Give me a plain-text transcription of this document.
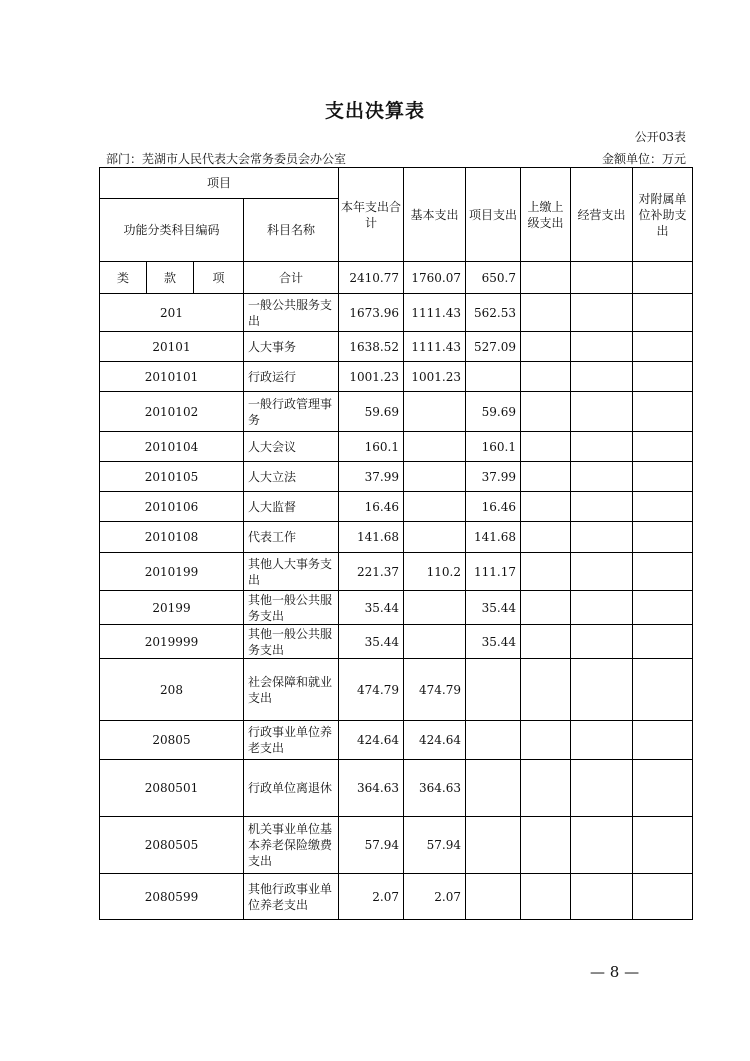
支出决算表
公开03表
部门：芜湖市人民代表大会常务委员会办公室	金额单位：万元
项目				本年支出合计	基本支出	项目支出	上缴上级支出	经营支出	对附属单位补助支出
功能分类科目编码			科目名称						
类	款	项	合计	2410.77	1760.07	650.7			
201			一般公共服务支出	1673.96	1111.43	562.53			
20101			人大事务	1638.52	1111.43	527.09			
2010101			行政运行	1001.23	1001.23				
2010102			一般行政管理事务	59.69		59.69			
2010104			人大会议	160.1		160.1			
2010105			人大立法	37.99		37.99			
2010106			人大监督	16.46		16.46			
2010108			代表工作	141.68		141.68			
2010199			其他人大事务支出	221.37	110.2	111.17			
20199			其他一般公共服务支出	35.44		35.44			
2019999			其他一般公共服务支出	35.44		35.44			
208			社会保障和就业支出	474.79	474.79				
20805			行政事业单位养老支出	424.64	424.64				
2080501			行政单位离退休	364.63	364.63				
2080505			机关事业单位基本养老保险缴费支出	57.94	57.94				
2080599			其他行政事业单位养老支出	2.07	2.07				
— 8 —
